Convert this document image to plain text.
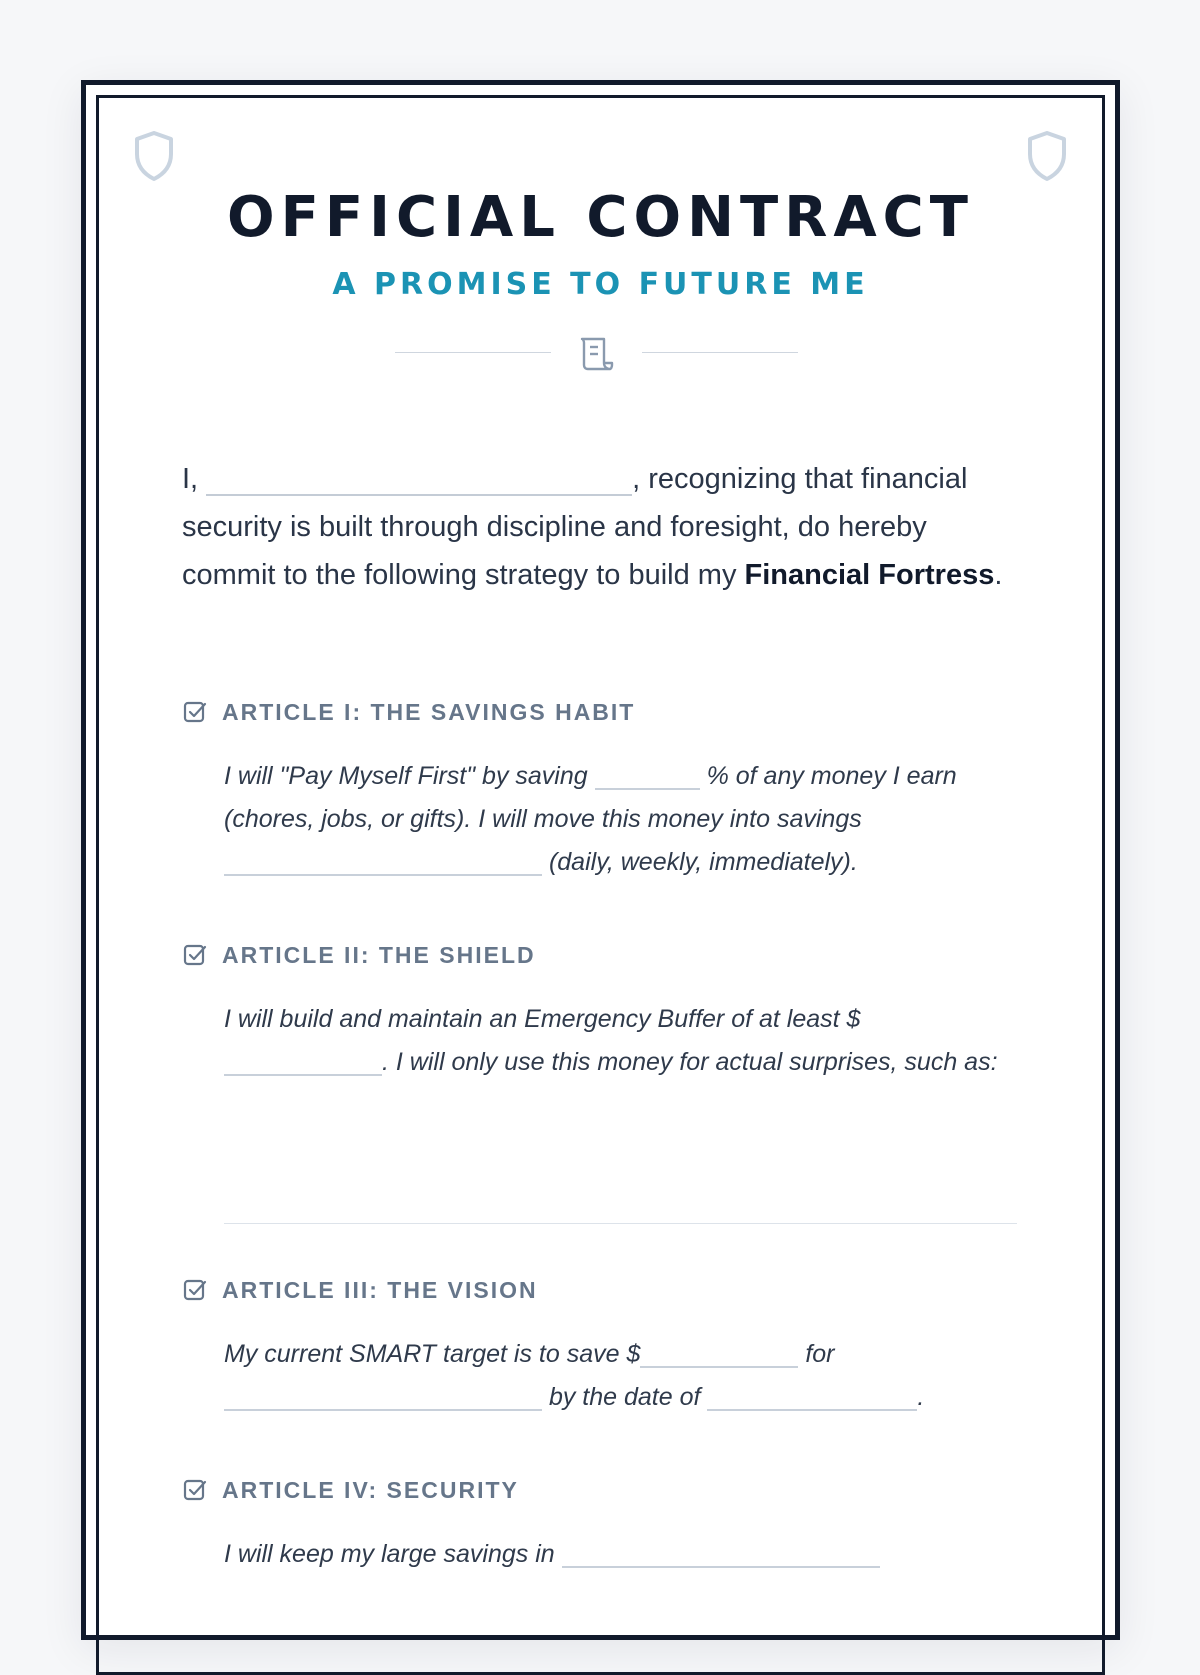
OFFICIAL CONTRACT
A PROMISE TO FUTURE ME
I,	, recognizing that financial security is built through discipline and foresight, do hereby commit to the following strategy to build my Financial Fortress.
ARTICLE I: THE SAVINGS HABIT
I will "Pay Myself First" by saving	% of any money I earn (chores, jobs, or gifts). I will move this money into savings  (daily, weekly, immediately).
ARTICLE II: THE SHIELD
I will build and maintain an Emergency Buffer of at least $ . I will only use this money for actual surprises, such as:
ARTICLE III: THE VISION
My current SMART target is to save $	for  by the date of	.
ARTICLE IV: SECURITY
I will keep my large savings in
